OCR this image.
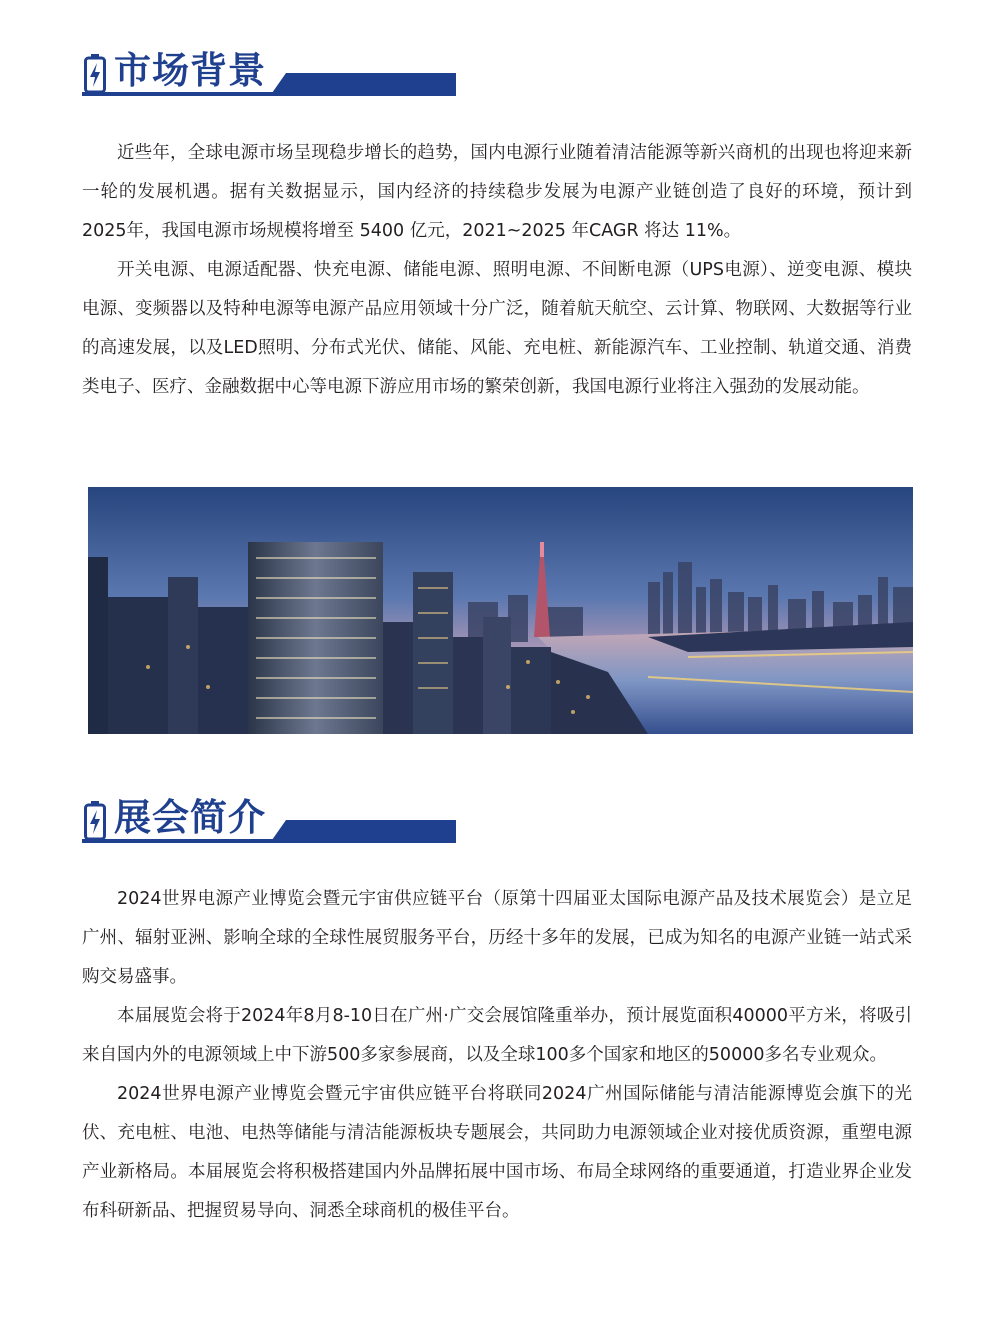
市场背景

近些年，全球电源市场呈现稳步增长的趋势，国内电源行业随着清洁能源等新兴商机的出现也将迎来新一轮的发展机遇。据有关数据显示，国内经济的持续稳步发展为电源产业链创造了良好的环境，预计到2025年，我国电源市场规模将增至 5400 亿元，2021~2025 年CAGR 将达 11%。

开关电源、电源适配器、快充电源、储能电源、照明电源、不间断电源（UPS电源）、逆变电源、模块电源、变频器以及特种电源等电源产品应用领域十分广泛，随着航天航空、云计算、物联网、大数据等行业的高速发展，以及LED照明、分布式光伏、储能、风能、充电桩、新能源汽车、工业控制、轨道交通、消费类电子、医疗、金融数据中心等电源下游应用市场的繁荣创新，我国电源行业将注入强劲的发展动能。

展会简介

2024世界电源产业博览会暨元宇宙供应链平台（原第十四届亚太国际电源产品及技术展览会）是立足广州、辐射亚洲、影响全球的全球性展贸服务平台，历经十多年的发展，已成为知名的电源产业链一站式采购交易盛事。

本届展览会将于2024年8月8-10日在广州·广交会展馆隆重举办，预计展览面积40000平方米，将吸引来自国内外的电源领域上中下游500多家参展商，以及全球100多个国家和地区的50000多名专业观众。

2024世界电源产业博览会暨元宇宙供应链平台将联同2024广州国际储能与清洁能源博览会旗下的光伏、充电桩、电池、电热等储能与清洁能源板块专题展会，共同助力电源领域企业对接优质资源，重塑电源产业新格局。本届展览会将积极搭建国内外品牌拓展中国市场、布局全球网络的重要通道，打造业界企业发布科研新品、把握贸易导向、洞悉全球商机的极佳平台。
